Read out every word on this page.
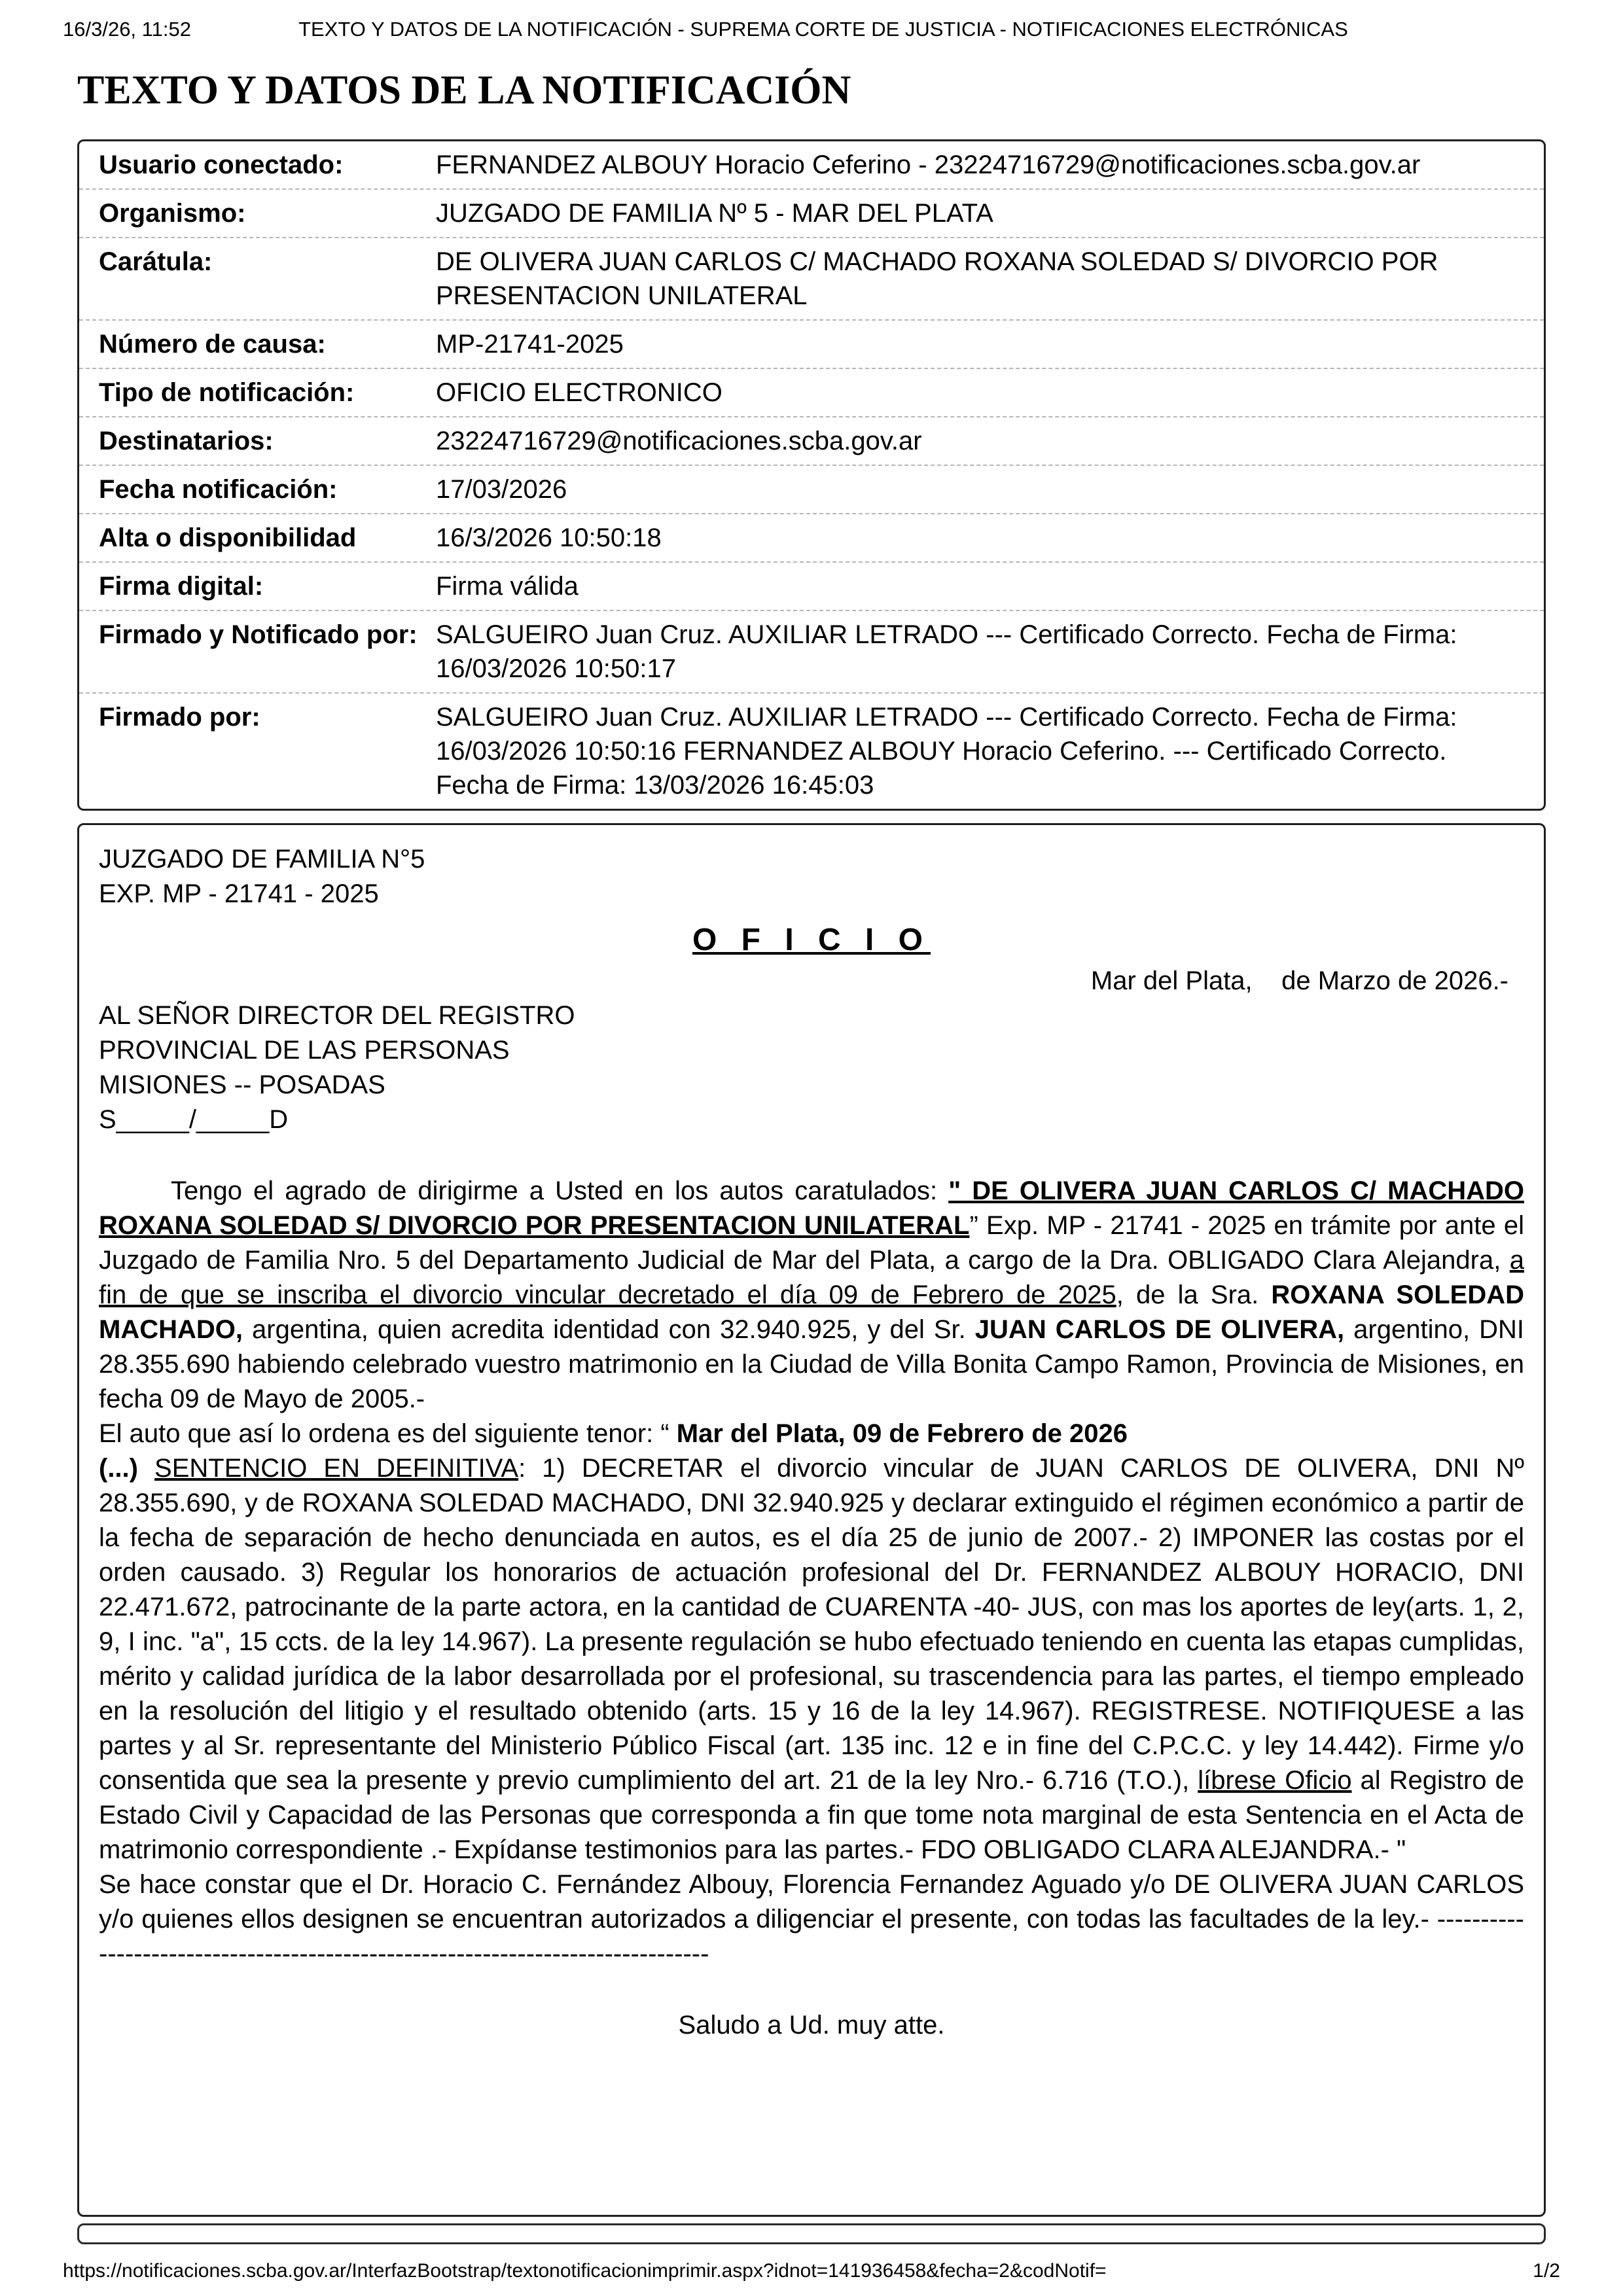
16/3/26, 11:52	TEXTO Y DATOS DE LA NOTIFICACIÓN - SUPREMA CORTE DE JUSTICIA - NOTIFICACIONES ELECTRÓNICAS
TEXTO Y DATOS DE LA NOTIFICACIÓN
Usuario conectado:	FERNANDEZ ALBOUY Horacio Ceferino - 23224716729@notificaciones.scba.gov.ar
Organismo:	JUZGADO DE FAMILIA Nº 5 - MAR DEL PLATA
Carátula:	DE OLIVERA JUAN CARLOS C/ MACHADO ROXANA SOLEDAD S/ DIVORCIO POR PRESENTACION UNILATERAL
Número de causa:	MP-21741-2025
Tipo de notificación:	OFICIO ELECTRONICO
Destinatarios:	23224716729@notificaciones.scba.gov.ar
Fecha notificación:	17/03/2026
Alta o disponibilidad	16/3/2026 10:50:18
Firma digital:	Firma válida
Firmado y Notificado por: SALGUEIRO Juan Cruz. AUXILIAR LETRADO --- Certificado Correcto. Fecha de Firma: 16/03/2026 10:50:17
Firmado por:	SALGUEIRO Juan Cruz. AUXILIAR LETRADO --- Certificado Correcto. Fecha de Firma: 16/03/2026 10:50:16 FERNANDEZ ALBOUY Horacio Ceferino. --- Certificado Correcto. Fecha de Firma: 13/03/2026 16:45:03
JUZGADO DE FAMILIA N°5
EXP. MP - 21741 - 2025
O F I C I O
Mar del Plata,    de Marzo de 2026.-
AL SEÑOR DIRECTOR DEL REGISTRO
PROVINCIAL DE LAS PERSONAS
MISIONES -- POSADAS
S_____/_____D

Tengo el agrado de dirigirme a Usted en los autos caratulados: " DE OLIVERA JUAN CARLOS C/ MACHADO ROXANA SOLEDAD S/ DIVORCIO POR PRESENTACION UNILATERAL” Exp. MP - 21741 - 2025 en trámite por ante el Juzgado de Familia Nro. 5 del Departamento Judicial de Mar del Plata, a cargo de la Dra. OBLIGADO Clara Alejandra, a fin de que se inscriba el divorcio vincular decretado el día 09 de Febrero de 2025, de la Sra. ROXANA SOLEDAD MACHADO, argentina, quien acredita identidad con 32.940.925, y del Sr. JUAN CARLOS DE OLIVERA, argentino, DNI 28.355.690 habiendo celebrado vuestro matrimonio en la Ciudad de Villa Bonita Campo Ramon, Provincia de Misiones, en fecha 09 de Mayo de 2005.-

El auto que así lo ordena es del siguiente tenor: “ Mar del Plata, 09 de Febrero de 2026

(...) SENTENCIO EN DEFINITIVA: 1) DECRETAR el divorcio vincular de JUAN CARLOS DE OLIVERA, DNI Nº 28.355.690, y de ROXANA SOLEDAD MACHADO, DNI 32.940.925 y declarar extinguido el régimen económico a partir de la fecha de separación de hecho denunciada en autos, es el día 25 de junio de 2007.- 2) IMPONER las costas por el orden causado. 3) Regular los honorarios de actuación profesional del Dr. FERNANDEZ ALBOUY HORACIO, DNI 22.471.672, patrocinante de la parte actora, en la cantidad de CUARENTA -40- JUS, con mas los aportes de ley(arts. 1, 2, 9, I inc. "a", 15 ccts. de la ley 14.967). La presente regulación se hubo efectuado teniendo en cuenta las etapas cumplidas, mérito y calidad jurídica de la labor desarrollada por el profesional, su trascendencia para las partes, el tiempo empleado en la resolución del litigio y el resultado obtenido (arts. 15 y 16 de la ley 14.967). REGISTRESE. NOTIFIQUESE a las partes y al Sr. representante del Ministerio Público Fiscal (art. 135 inc. 12 e in fine del C.P.C.C. y ley 14.442). Firme y/o consentida que sea la presente y previo cumplimiento del art. 21 de la ley Nro.- 6.716 (T.O.), líbrese Oficio al Registro de Estado Civil y Capacidad de las Personas que corresponda a fin que tome nota marginal de esta Sentencia en el Acta de matrimonio correspondiente .- Expídanse testimonios para las partes.- FDO OBLIGADO CLARA ALEJANDRA.- "

Se hace constar que el Dr. Horacio C. Fernández Albouy, Florencia Fernandez Aguado y/o DE OLIVERA JUAN CARLOS y/o quienes ellos designen se encuentran autorizados a diligenciar el presente, con todas las facultades de la ley.- --------------------------------------------------------------------------------

Saludo a Ud. muy atte.
https://notificaciones.scba.gov.ar/InterfazBootstrap/textonotificacionimprimir.aspx?idnot=141936458&fecha=2&codNotif=	1/2
